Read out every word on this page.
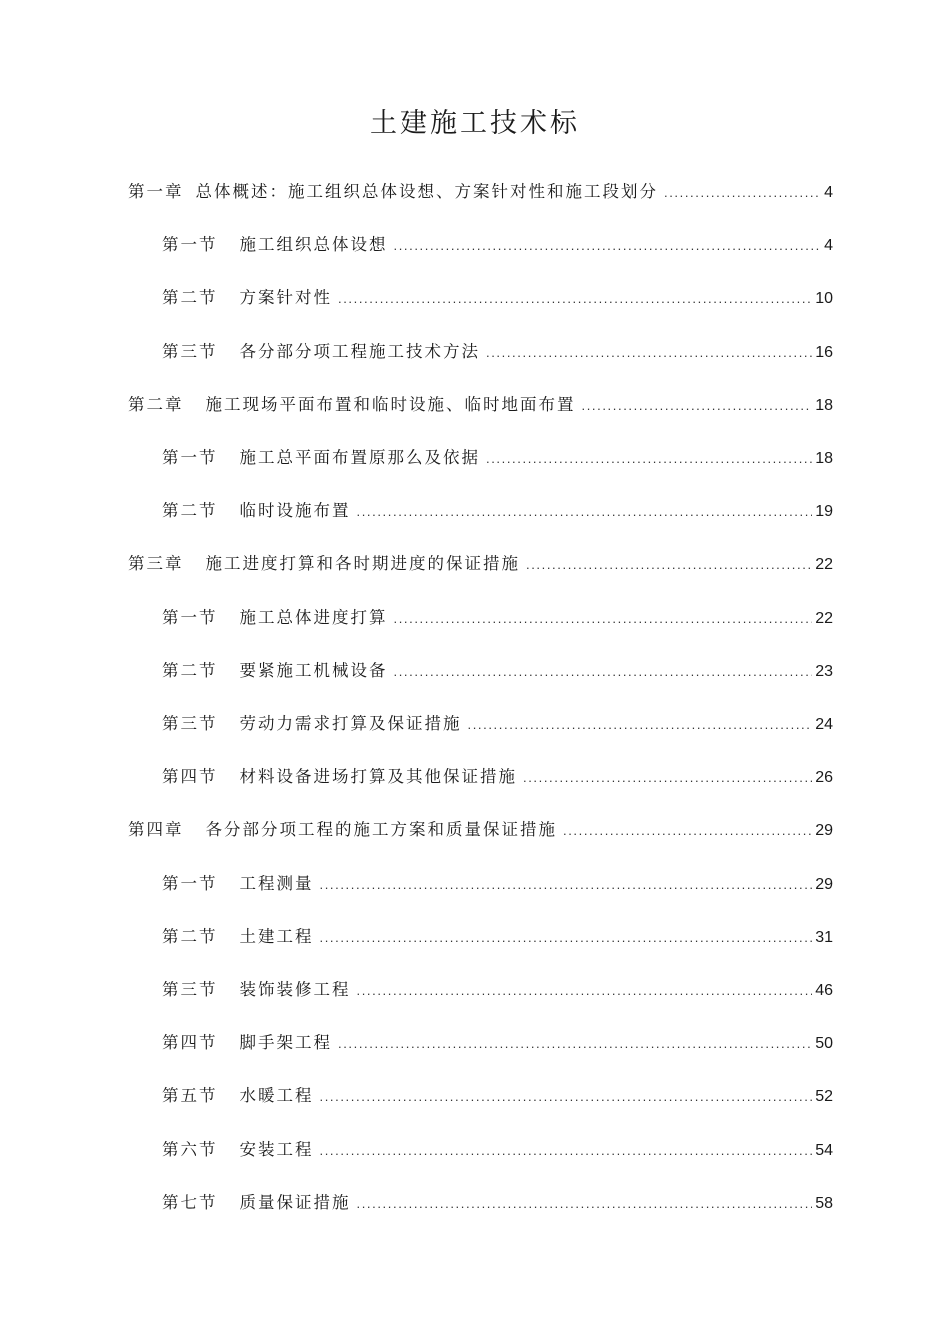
土建施工技术标
第一章 总体概述：施工组织总体设想、方案针对性和施工段划分 .....	4
第一节 施工组织总体设想 .....	4
第二节 方案针对性 .....	10
第三节 各分部分项工程施工技术方法 .....	16
第二章 施工现场平面布置和临时设施、临时地面布置 .....	18
第一节 施工总平面布置原那么及依据 .....	18
第二节 临时设施布置 .....	19
第三章 施工进度打算和各时期进度的保证措施 .....	22
第一节 施工总体进度打算 .....	22
第二节 要紧施工机械设备 .....	23
第三节 劳动力需求打算及保证措施 .....	24
第四节 材料设备进场打算及其他保证措施 .....	26
第四章 各分部分项工程的施工方案和质量保证措施 .....	29
第一节 工程测量 .....	29
第二节 土建工程 .....	31
第三节 装饰装修工程 .....	46
第四节 脚手架工程 .....	50
第五节 水暖工程 .....	52
第六节 安装工程 .....	54
第七节 质量保证措施 .....	58
